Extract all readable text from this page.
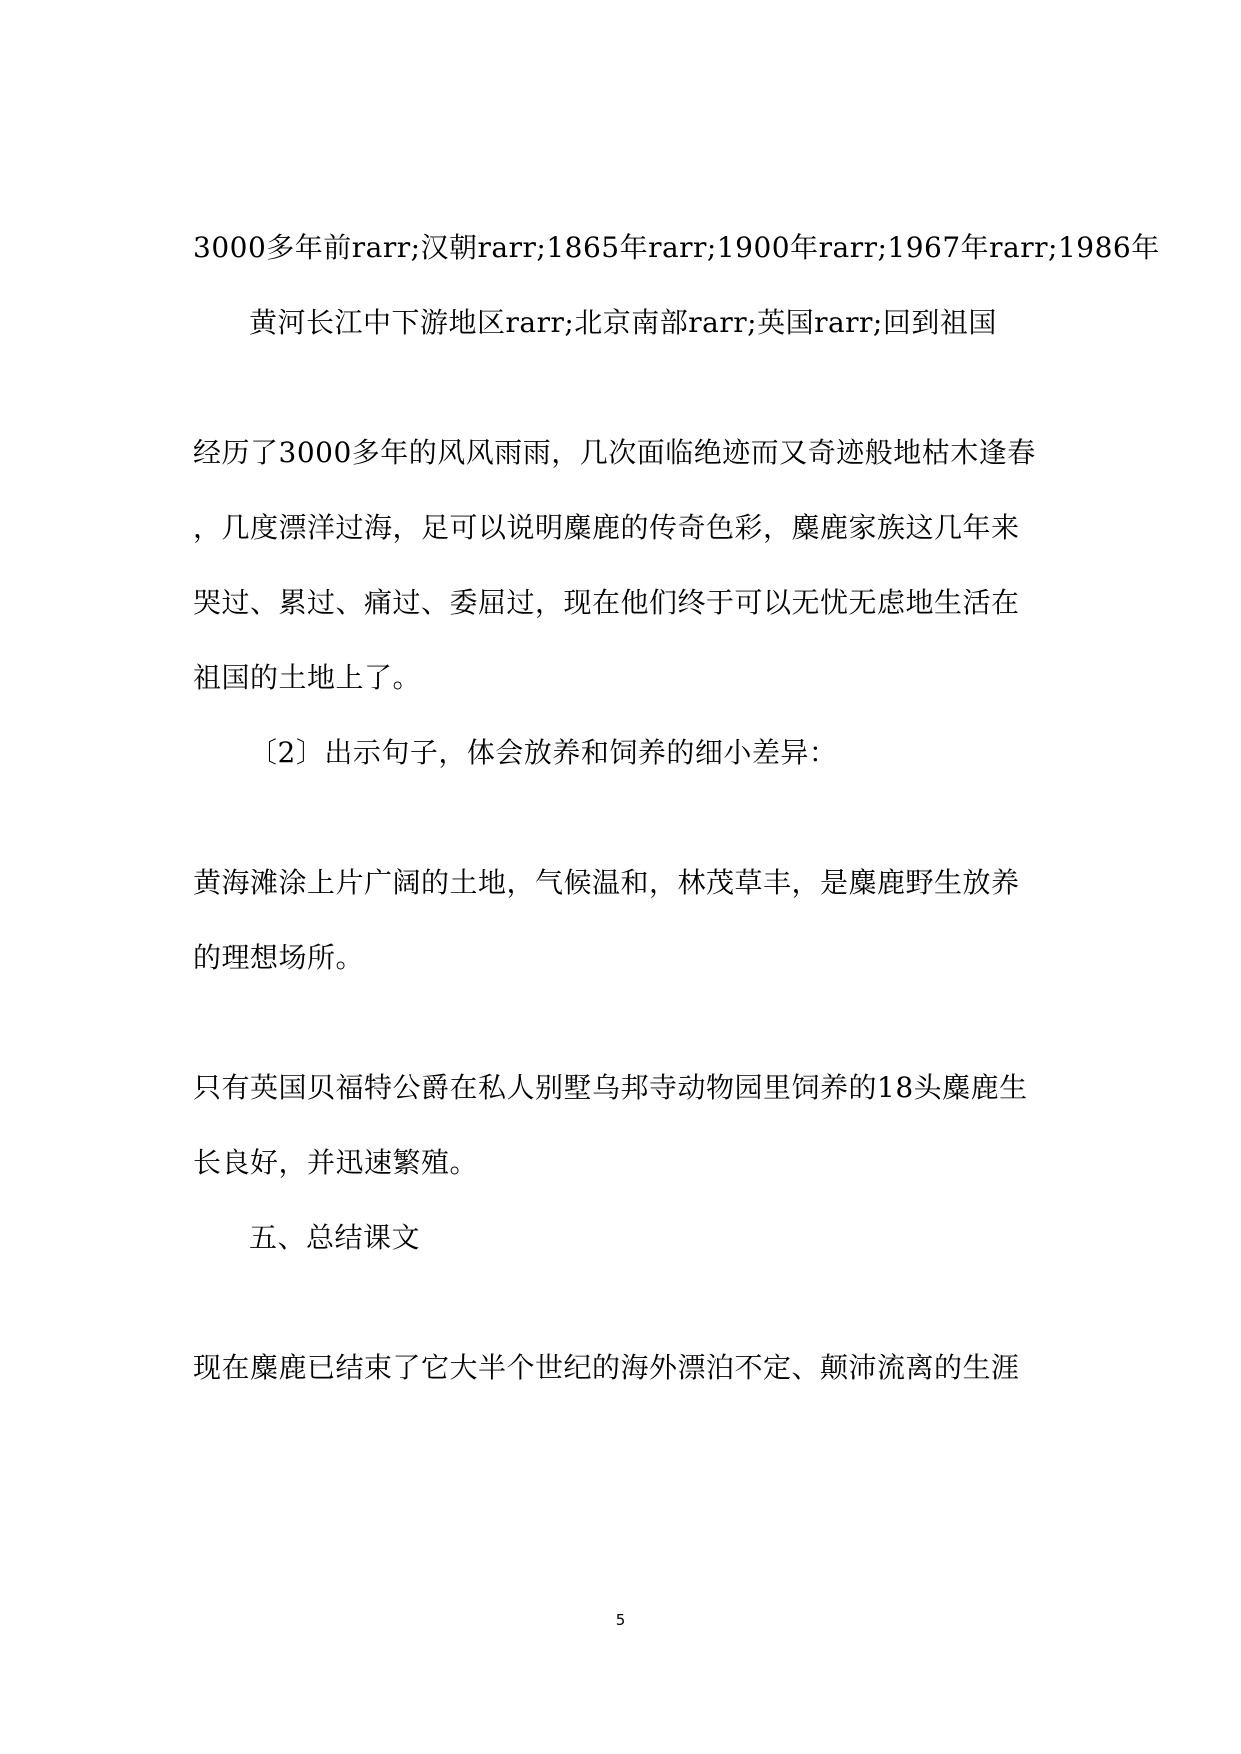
3000多年前rarr;汉朝rarr;1865年rarr;1900年rarr;1967年rarr;1986年

黄河长江中下游地区rarr;北京南部rarr;英国rarr;回到祖国

经历了3000多年的风风雨雨，几次面临绝迹而又奇迹般地枯木逢春

，几度漂洋过海，足可以说明麋鹿的传奇色彩，麋鹿家族这几年来

哭过、累过、痛过、委屈过，现在他们终于可以无忧无虑地生活在

祖国的土地上了。

〔2〕出示句子，体会放养和饲养的细小差异：

黄海滩涂上片广阔的土地，气候温和，林茂草丰，是麋鹿野生放养

的理想场所。

只有英国贝福特公爵在私人别墅乌邦寺动物园里饲养的18头麋鹿生

长良好，并迅速繁殖。

五、总结课文

现在麋鹿已结束了它大半个世纪的海外漂泊不定、颠沛流离的生涯

5
